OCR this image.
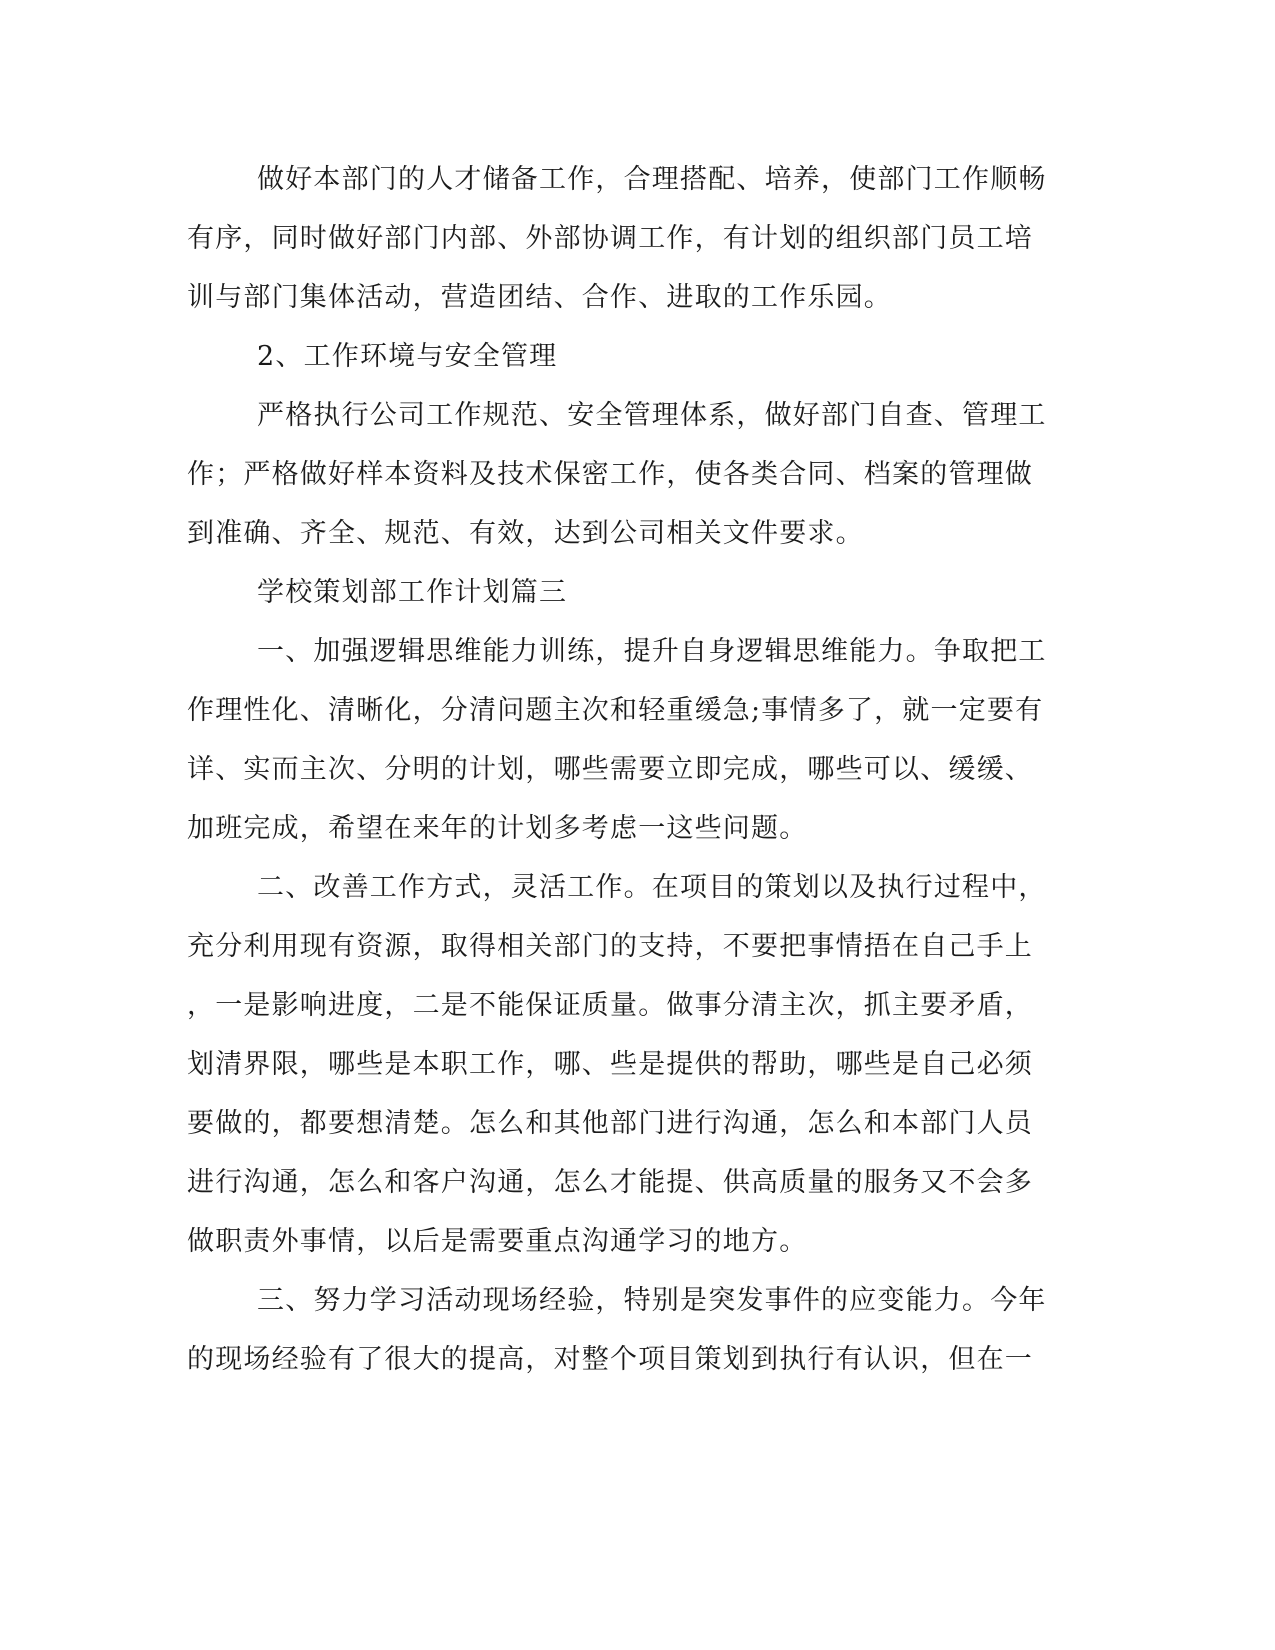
做好本部门的人才储备工作，合理搭配、培养，使部门工作顺畅
有序，同时做好部门内部、外部协调工作，有计划的组织部门员工培
训与部门集体活动，营造团结、合作、进取的工作乐园。
2、工作环境与安全管理
严格执行公司工作规范、安全管理体系，做好部门自查、管理工
作；严格做好样本资料及技术保密工作，使各类合同、档案的管理做
到准确、齐全、规范、有效，达到公司相关文件要求。
学校策划部工作计划篇三
一、加强逻辑思维能力训练，提升自身逻辑思维能力。争取把工
作理性化、清晰化，分清问题主次和轻重缓急;事情多了，就一定要有
详、实而主次、分明的计划，哪些需要立即完成，哪些可以、缓缓、
加班完成，希望在来年的计划多考虑一这些问题。
二、改善工作方式，灵活工作。在项目的策划以及执行过程中，
充分利用现有资源，取得相关部门的支持，不要把事情捂在自己手上
，一是影响进度，二是不能保证质量。做事分清主次，抓主要矛盾，
划清界限，哪些是本职工作，哪、些是提供的帮助，哪些是自己必须
要做的，都要想清楚。怎么和其他部门进行沟通，怎么和本部门人员
进行沟通，怎么和客户沟通，怎么才能提、供高质量的服务又不会多
做职责外事情，以后是需要重点沟通学习的地方。
三、努力学习活动现场经验，特别是突发事件的应变能力。今年
的现场经验有了很大的提高，对整个项目策划到执行有认识，但在一
